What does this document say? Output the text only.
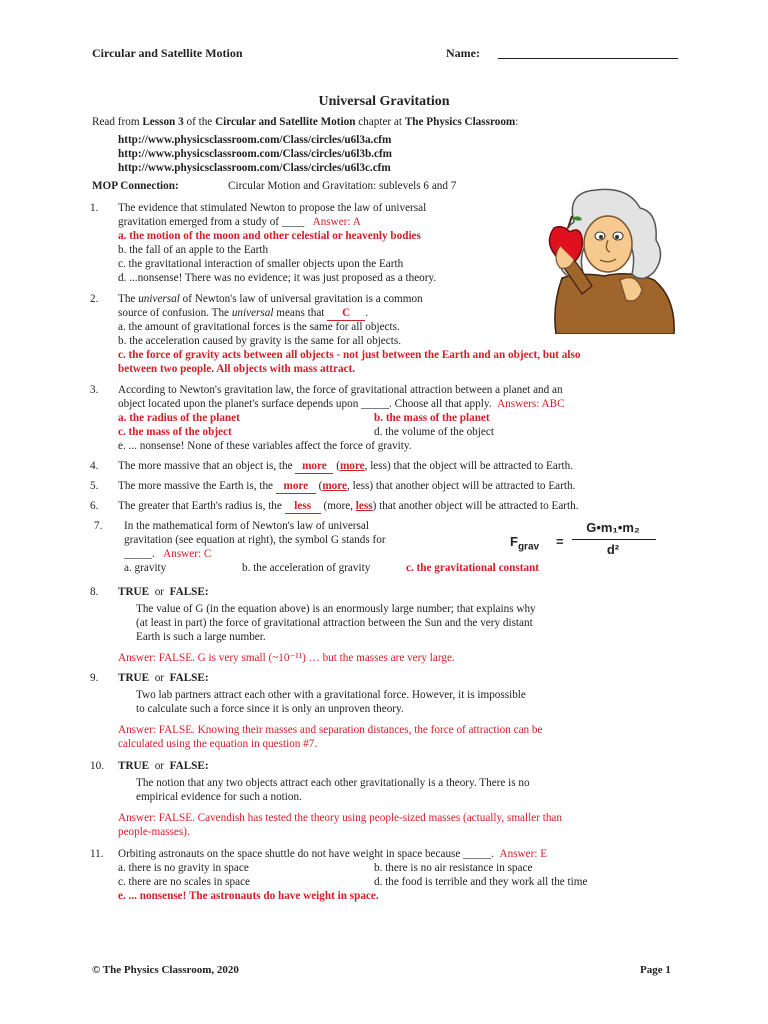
Circular and Satellite Motion	Name:
Universal Gravitation
Read from Lesson 3 of the Circular and Satellite Motion chapter at The Physics Classroom:
http://www.physicsclassroom.com/Class/circles/u6l3a.cfm
http://www.physicsclassroom.com/Class/circles/u6l3b.cfm
http://www.physicsclassroom.com/Class/circles/u6l3c.cfm
MOP Connection:	Circular Motion and Gravitation: sublevels 6 and 7
1.	The evidence that stimulated Newton to propose the law of universal
gravitation emerged from a study of ____ Answer: A
a. the motion of the moon and other celestial or heavenly bodies
b. the fall of an apple to the Earth
c. the gravitational interaction of smaller objects upon the Earth
d. ...nonsense! There was no evidence; it was just proposed as a theory.
2.	The universal of Newton's law of universal gravitation is a common
source of confusion. The universal means that C .
a. the amount of gravitational forces is the same for all objects.
b. the acceleration caused by gravity is the same for all objects.
c. the force of gravity acts between all objects - not just between the Earth and an object, but also
between two people. All objects with mass attract.
3.	According to Newton's gravitation law, the force of gravitational attraction between a planet and an
object located upon the planet's surface depends upon _____. Choose all that apply. Answers: ABC
a. the radius of the planet	b. the mass of the planet
c. the mass of the object	d. the volume of the object
e. ... nonsense! None of these variables affect the force of gravity.
4.	The more massive that an object is, the more (more, less) that the object will be attracted to Earth.
5.	The more massive the Earth is, the more (more, less) that another object will be attracted to Earth.
6.	The greater that Earth's radius is, the less (more, less) that another object will be attracted to Earth.
7. In the mathematical form of Newton's law of universal
gravitation (see equation at right), the symbol G stands for
_____. Answer: C
a. gravity	b. the acceleration of gravity	c. the gravitational constant
$F_{grav}$ =
G•m₁•m₂
d²
8.	TRUE or FALSE:
The value of G (in the equation above) is an enormously large number; that explains why
(at least in part) the force of gravitational attraction between the Sun and the very distant
Earth is such a large number.
Answer: FALSE. G is very small (~10⁻¹¹) … but the masses are very large.
9.	TRUE or FALSE:
Two lab partners attract each other with a gravitational force. However, it is impossible
to calculate such a force since it is only an unproven theory.
Answer: FALSE. Knowing their masses and separation distances, the force of attraction can be
calculated using the equation in question #7.
10.	TRUE or FALSE:
The notion that any two objects attract each other gravitationally is a theory. There is no
empirical evidence for such a notion.
Answer: FALSE. Cavendish has tested the theory using people-sized masses (actually, smaller than
people-masses).
11.	Orbiting astronauts on the space shuttle do not have weight in space because _____. Answer: E
a. there is no gravity in space	b. there is no air resistance in space
c. there are no scales in space	d. the food is terrible and they work all the time
e. ... nonsense! The astronauts do have weight in space.
© The Physics Classroom, 2020	Page 1
